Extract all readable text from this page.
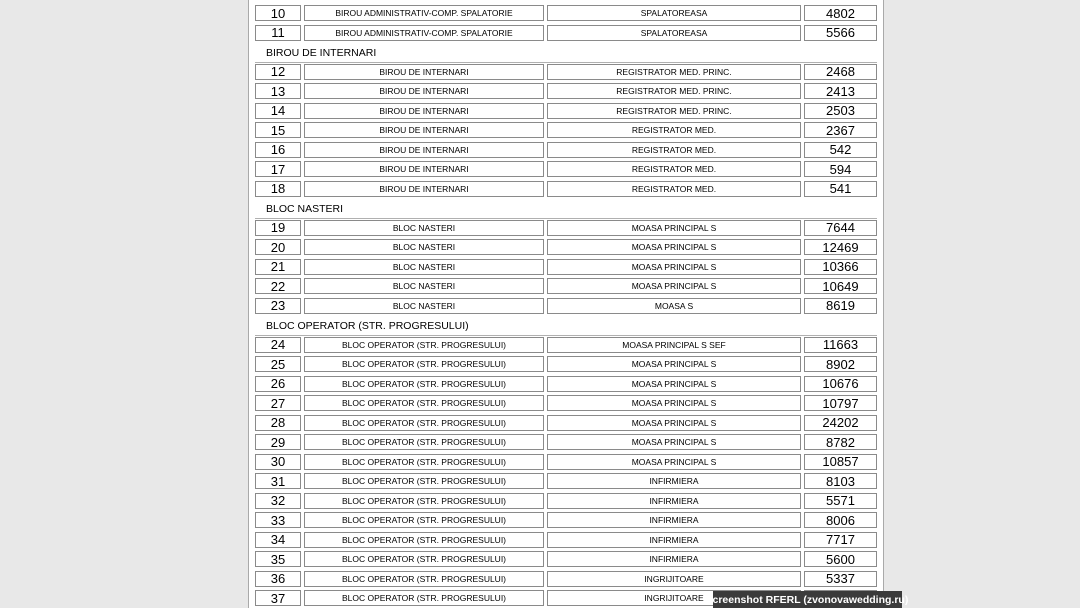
10	BIROU ADMINISTRATIV-COMP. SPALATORIE	SPALATOREASA	4802
11	BIROU ADMINISTRATIV-COMP. SPALATORIE	SPALATOREASA	5566
BIROU DE INTERNARI
12	BIROU DE INTERNARI	REGISTRATOR MED. PRINC.	2468
13	BIROU DE INTERNARI	REGISTRATOR MED. PRINC.	2413
14	BIROU DE INTERNARI	REGISTRATOR MED. PRINC.	2503
15	BIROU DE INTERNARI	REGISTRATOR MED.	2367
16	BIROU DE INTERNARI	REGISTRATOR MED.	542
17	BIROU DE INTERNARI	REGISTRATOR MED.	594
18	BIROU DE INTERNARI	REGISTRATOR MED.	541
BLOC NASTERI
19	BLOC NASTERI	MOASA PRINCIPAL S	7644
20	BLOC NASTERI	MOASA PRINCIPAL S	12469
21	BLOC NASTERI	MOASA PRINCIPAL S	10366
22	BLOC NASTERI	MOASA PRINCIPAL S	10649
23	BLOC NASTERI	MOASA S	8619
BLOC OPERATOR (STR. PROGRESULUI)
24	BLOC OPERATOR (STR. PROGRESULUI)	MOASA PRINCIPAL S SEF	11663
25	BLOC OPERATOR (STR. PROGRESULUI)	MOASA PRINCIPAL S	8902
26	BLOC OPERATOR (STR. PROGRESULUI)	MOASA PRINCIPAL S	10676
27	BLOC OPERATOR (STR. PROGRESULUI)	MOASA PRINCIPAL S	10797
28	BLOC OPERATOR (STR. PROGRESULUI)	MOASA PRINCIPAL S	24202
29	BLOC OPERATOR (STR. PROGRESULUI)	MOASA PRINCIPAL S	8782
30	BLOC OPERATOR (STR. PROGRESULUI)	MOASA PRINCIPAL S	10857
31	BLOC OPERATOR (STR. PROGRESULUI)	INFIRMIERA	8103
32	BLOC OPERATOR (STR. PROGRESULUI)	INFIRMIERA	5571
33	BLOC OPERATOR (STR. PROGRESULUI)	INFIRMIERA	8006
34	BLOC OPERATOR (STR. PROGRESULUI)	INFIRMIERA	7717
35	BLOC OPERATOR (STR. PROGRESULUI)	INFIRMIERA	5600
36	BLOC OPERATOR (STR. PROGRESULUI)	INGRIJITOARE	5337
37	BLOC OPERATOR (STR. PROGRESULUI)	INGRIJITOARE screenshot RFERL (zvonovawedding.ru)
